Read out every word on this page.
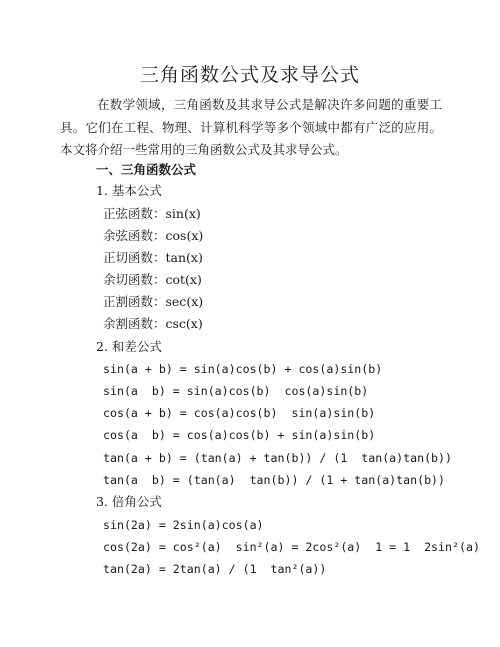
三角函数公式及求导公式

在数学领域，三角函数及其求导公式是解决许多问题的重要工具。它们在工程、物理、计算机科学等多个领域中都有广泛的应用。本文将介绍一些常用的三角函数公式及其求导公式。

一、三角函数公式
1. 基本公式
正弦函数：sin(x)
余弦函数：cos(x)
正切函数：tan(x)
余切函数：cot(x)
正割函数：sec(x)
余割函数：csc(x)
2. 和差公式
sin(a + b) = sin(a)cos(b) + cos(a)sin(b)
sin(a  b) = sin(a)cos(b)  cos(a)sin(b)
cos(a + b) = cos(a)cos(b)  sin(a)sin(b)
cos(a  b) = cos(a)cos(b) + sin(a)sin(b)
tan(a + b) = (tan(a) + tan(b)) / (1  tan(a)tan(b))
tan(a  b) = (tan(a)  tan(b)) / (1 + tan(a)tan(b))
3. 倍角公式
sin(2a) = 2sin(a)cos(a)
cos(2a) = cos²(a)  sin²(a) = 2cos²(a)  1 = 1  2sin²(a)
tan(2a) = 2tan(a) / (1  tan²(a))
